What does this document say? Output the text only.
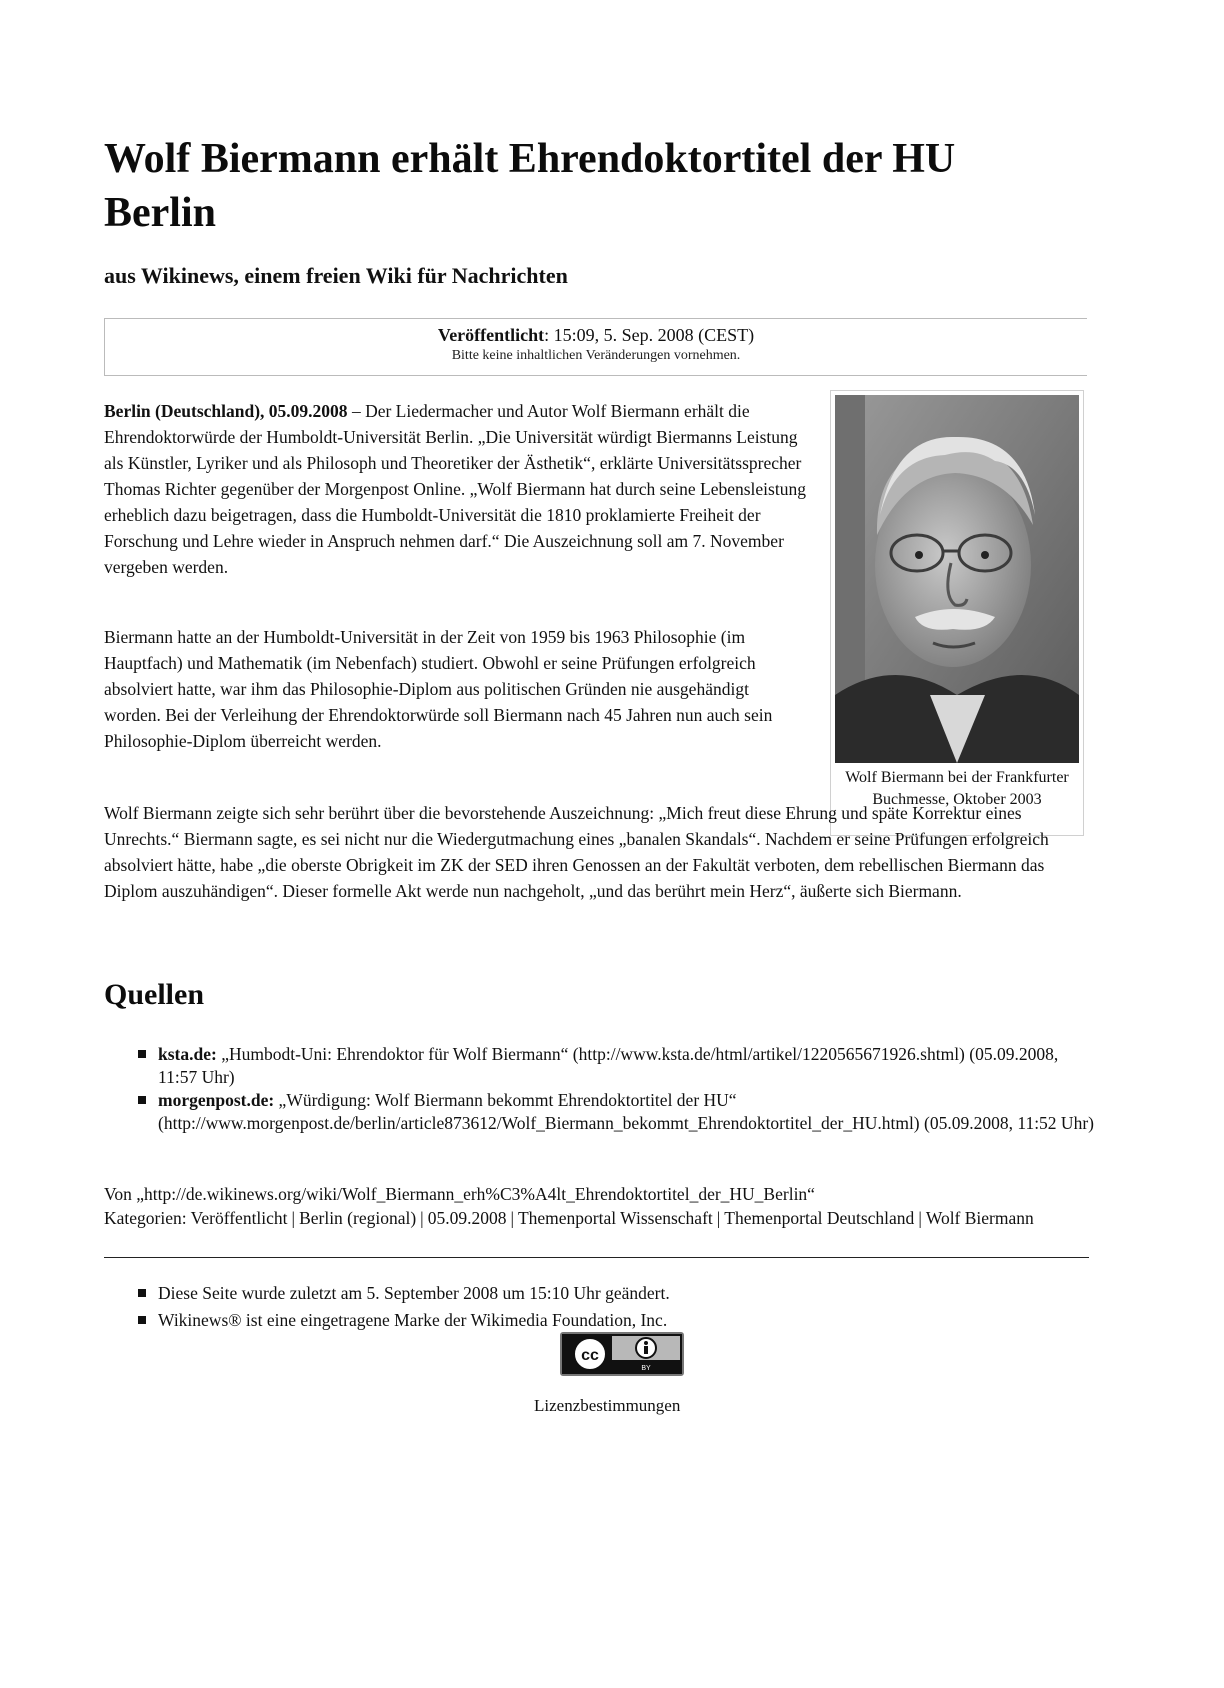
Wolf Biermann erhält Ehrendoktortitel der HU Berlin
aus Wikinews, einem freien Wiki für Nachrichten
Veröffentlicht: 15:09, 5. Sep. 2008 (CEST)
Bitte keine inhaltlichen Veränderungen vornehmen.
Wolf Biermann bei der Frankfurter Buchmesse, Oktober 2003

Berlin (Deutschland), 05.09.2008 – Der Liedermacher und Autor Wolf Biermann erhält die Ehrendoktorwürde der Humboldt-Universität Berlin. „Die Universität würdigt Biermanns Leistung als Künstler, Lyriker und als Philosoph und Theoretiker der Ästhetik“, erklärte Universitätssprecher Thomas Richter gegenüber der Morgenpost Online. „Wolf Biermann hat durch seine Lebensleistung erheblich dazu beigetragen, dass die Humboldt-Universität die 1810 proklamierte Freiheit der Forschung und Lehre wieder in Anspruch nehmen darf.“ Die Auszeichnung soll am 7. November vergeben werden.

Biermann hatte an der Humboldt-Universität in der Zeit von 1959 bis 1963 Philosophie (im Hauptfach) und Mathematik (im Nebenfach) studiert. Obwohl er seine Prüfungen erfolgreich absolviert hatte, war ihm das Philosophie-Diplom aus politischen Gründen nie ausgehändigt worden. Bei der Verleihung der Ehrendoktorwürde soll Biermann nach 45 Jahren nun auch sein Philosophie-Diplom überreicht werden.

Wolf Biermann zeigte sich sehr berührt über die bevorstehende Auszeichnung: „Mich freut diese Ehrung und späte Korrektur eines Unrechts.“ Biermann sagte, es sei nicht nur die Wiedergutmachung eines „banalen Skandals“. Nachdem er seine Prüfungen erfolgreich absolviert hätte, habe „die oberste Obrigkeit im ZK der SED ihren Genossen an der Fakultät verboten, dem rebellischen Biermann das Diplom auszuhändigen“. Dieser formelle Akt werde nun nachgeholt, „und das berührt mein Herz“, äußerte sich Biermann.

Quellen
ksta.de: „Humbodt-Uni: Ehrendoktor für Wolf Biermann“ (http://www.ksta.de/html/artikel/1220565671926.shtml) (05.09.2008, 11:57 Uhr)
morgenpost.de: „Würdigung: Wolf Biermann bekommt Ehrendoktortitel der HU“ (http://www.morgenpost.de/berlin/article873612/Wolf_Biermann_bekommt_Ehrendoktortitel_der_HU.html) (05.09.2008, 11:52 Uhr)

Von „http://de.wikinews.org/wiki/Wolf_Biermann_erh%C3%A4lt_Ehrendoktortitel_der_HU_Berlin“

Kategorien: Veröffentlicht | Berlin (regional) | 05.09.2008 | Themenportal Wissenschaft | Themenportal Deutschland | Wolf Biermann

Diese Seite wurde zuletzt am 5. September 2008 um 15:10 Uhr geändert.
Wikinews® ist eine eingetragene Marke der Wikimedia Foundation, Inc.
cc
BY
Lizenzbestimmungen
